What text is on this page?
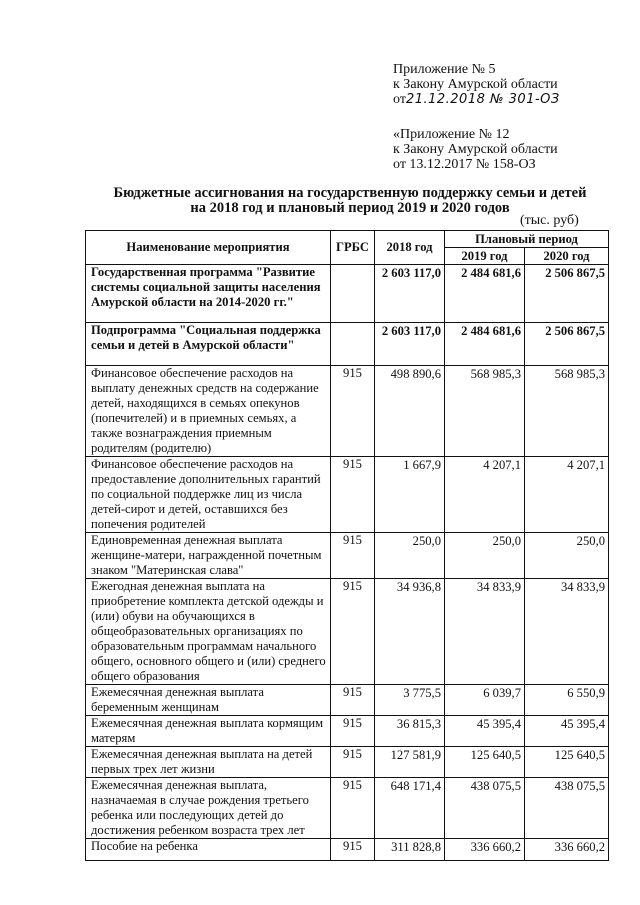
Приложение № 5
к Закону Амурской области
от21.12.2018 № 301-ОЗ
«Приложение № 12
к Закону Амурской области
от 13.12.2017 № 158-ОЗ
Бюджетные ассигнования на государственную поддержку семьи и детей
на 2018 год и плановый период 2019 и 2020 годов
(тыс. руб)
Наименование мероприятия	ГРБС	2018 год	Плановый период	
			2019 год	2020 год
Государственная программа "Развитие системы социальной защиты населения Амурской области на 2014-2020 гг."		2 603 117,0	2 484 681,6	2 506 867,5
Подпрограмма "Социальная поддержка семьи и детей в Амурской области"		2 603 117,0	2 484 681,6	2 506 867,5
Финансовое обеспечение расходов на выплату денежных средств на содержание детей, находящихся в семьях опекунов (попечителей) и в приемных семьях, а также вознаграждения приемным родителям (родителю)	915	498 890,6	568 985,3	568 985,3
Финансовое обеспечение расходов на предоставление дополнительных гарантий по социальной поддержке лиц из числа детей-сирот и детей, оставшихся без попечения родителей	915	1 667,9	4 207,1	4 207,1
Единовременная денежная выплата женщине-матери, награжденной почетным знаком "Материнская слава"	915	250,0	250,0	250,0
Ежегодная денежная выплата на приобретение комплекта детской одежды и (или) обуви на обучающихся в общеобразовательных организациях по образовательным программам начального общего, основного общего и (или) среднего общего образования	915	34 936,8	34 833,9	34 833,9
Ежемесячная денежная выплата беременным женщинам	915	3 775,5	6 039,7	6 550,9
Ежемесячная денежная выплата кормящим матерям	915	36 815,3	45 395,4	45 395,4
Ежемесячная денежная выплата на детей первых трех лет жизни	915	127 581,9	125 640,5	125 640,5
Ежемесячная денежная выплата, назначаемая в случае рождения третьего ребенка или последующих детей до достижения ребенком возраста трех лет	915	648 171,4	438 075,5	438 075,5
Пособие на ребенка	915	311 828,8	336 660,2	336 660,2
